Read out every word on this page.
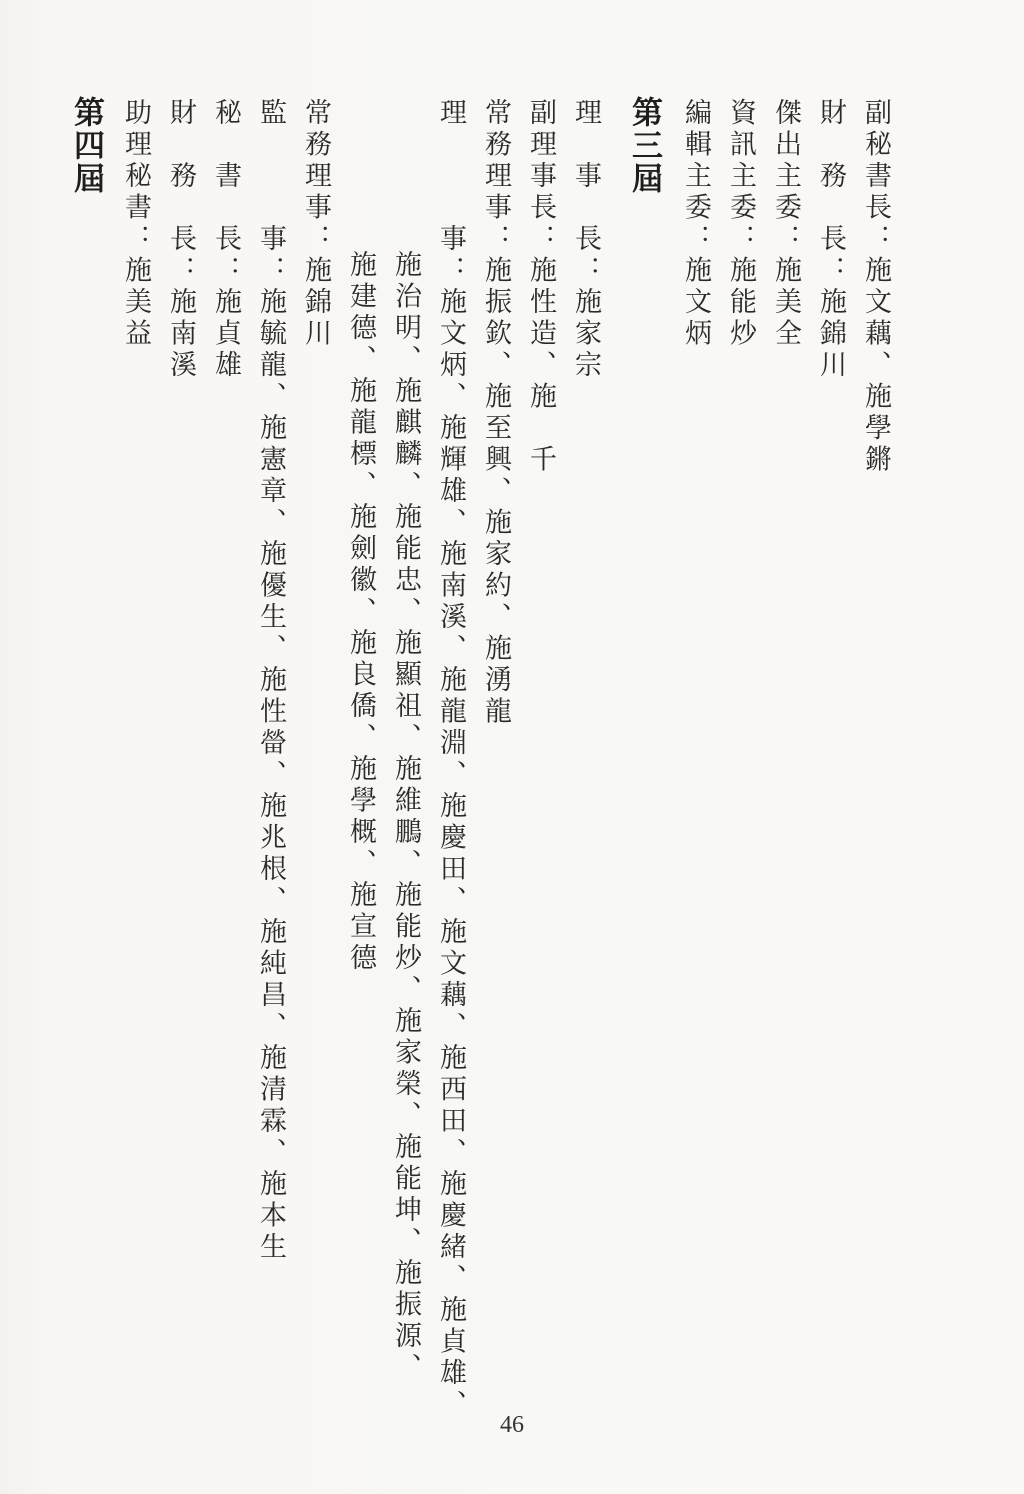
副秘書長：施文藕、施學鏘
財　務　長：施錦川
傑出主委：施美全
資訊主委：施能炒
編輯主委：施文炳
第三屆
理　事　長：施家宗
副理事長：施性造、施　千
常務理事：施振欽、施至興、施家約、施湧龍
理　　　事：施文炳、施輝雄、施南溪、施龍淵、施慶田、施文藕、施西田、施慶緒、施貞雄、
施治明、施麒麟、施能忠、施顯祖、施維鵬、施能炒、施家榮、施能坤、施振源、
施建德、施龍標、施劍徽、施良僑、施學概、施宣德
常務理事：施錦川
監　　　事：施毓龍、施憲章、施優生、施性㽦、施兆根、施純昌、施清霖、施本生
秘　書　長：施貞雄
財　務　長：施南溪
助理秘書：施美益
第四屆
46
